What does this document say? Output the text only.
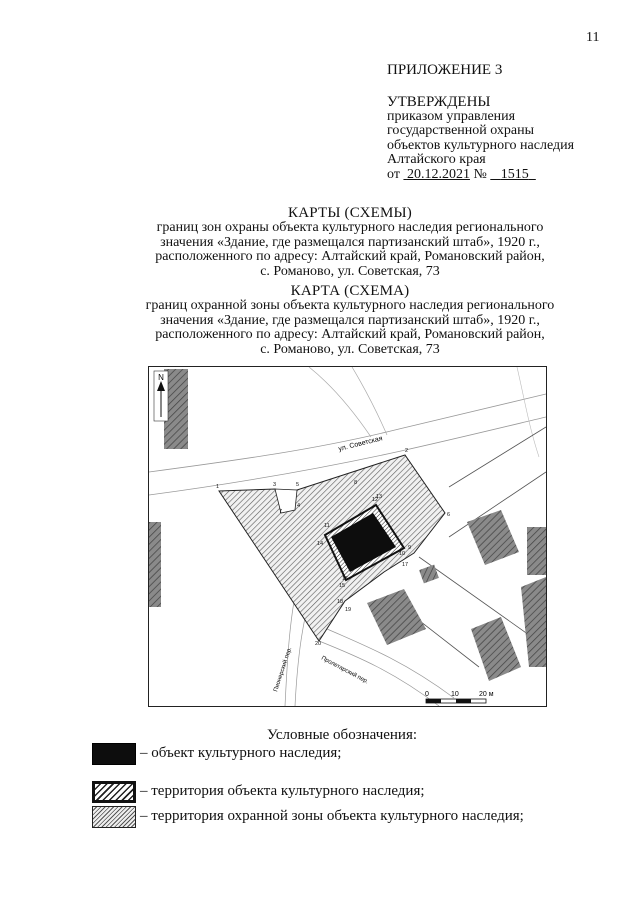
11
ПРИЛОЖЕНИЕ 3
УТВЕРЖДЕНЫ
приказом управления
государственной охраны
объектов культурного наследия
Алтайского края
от 20.12.2021 № 1515
КАРТЫ (СХЕМЫ)
границ зон охраны объекта культурного наследия регионального
значения «Здание, где размещался партизанский штаб», 1920 г.,
расположенного по адресу: Алтайский край, Романовский район,
с. Романово, ул. Советская, 73
КАРТА (СХЕМА)
границ охранной зоны объекта культурного наследия регионального
значения «Здание, где размещался партизанский штаб», 1920 г.,
расположенного по адресу: Алтайский край, Романовский район,
с. Романово, ул. Советская, 73
N
ул. Советская
Пролетарский пер.
Пионерский пер.
1
2
3
4
5
6
7
8
9
10
11
12
13
14
15
16
17
18
19
20
0	10	20 м
Условные обозначения:
– объект культурного наследия;
– территория объекта культурного наследия;
– территория охранной зоны объекта культурного наследия;
